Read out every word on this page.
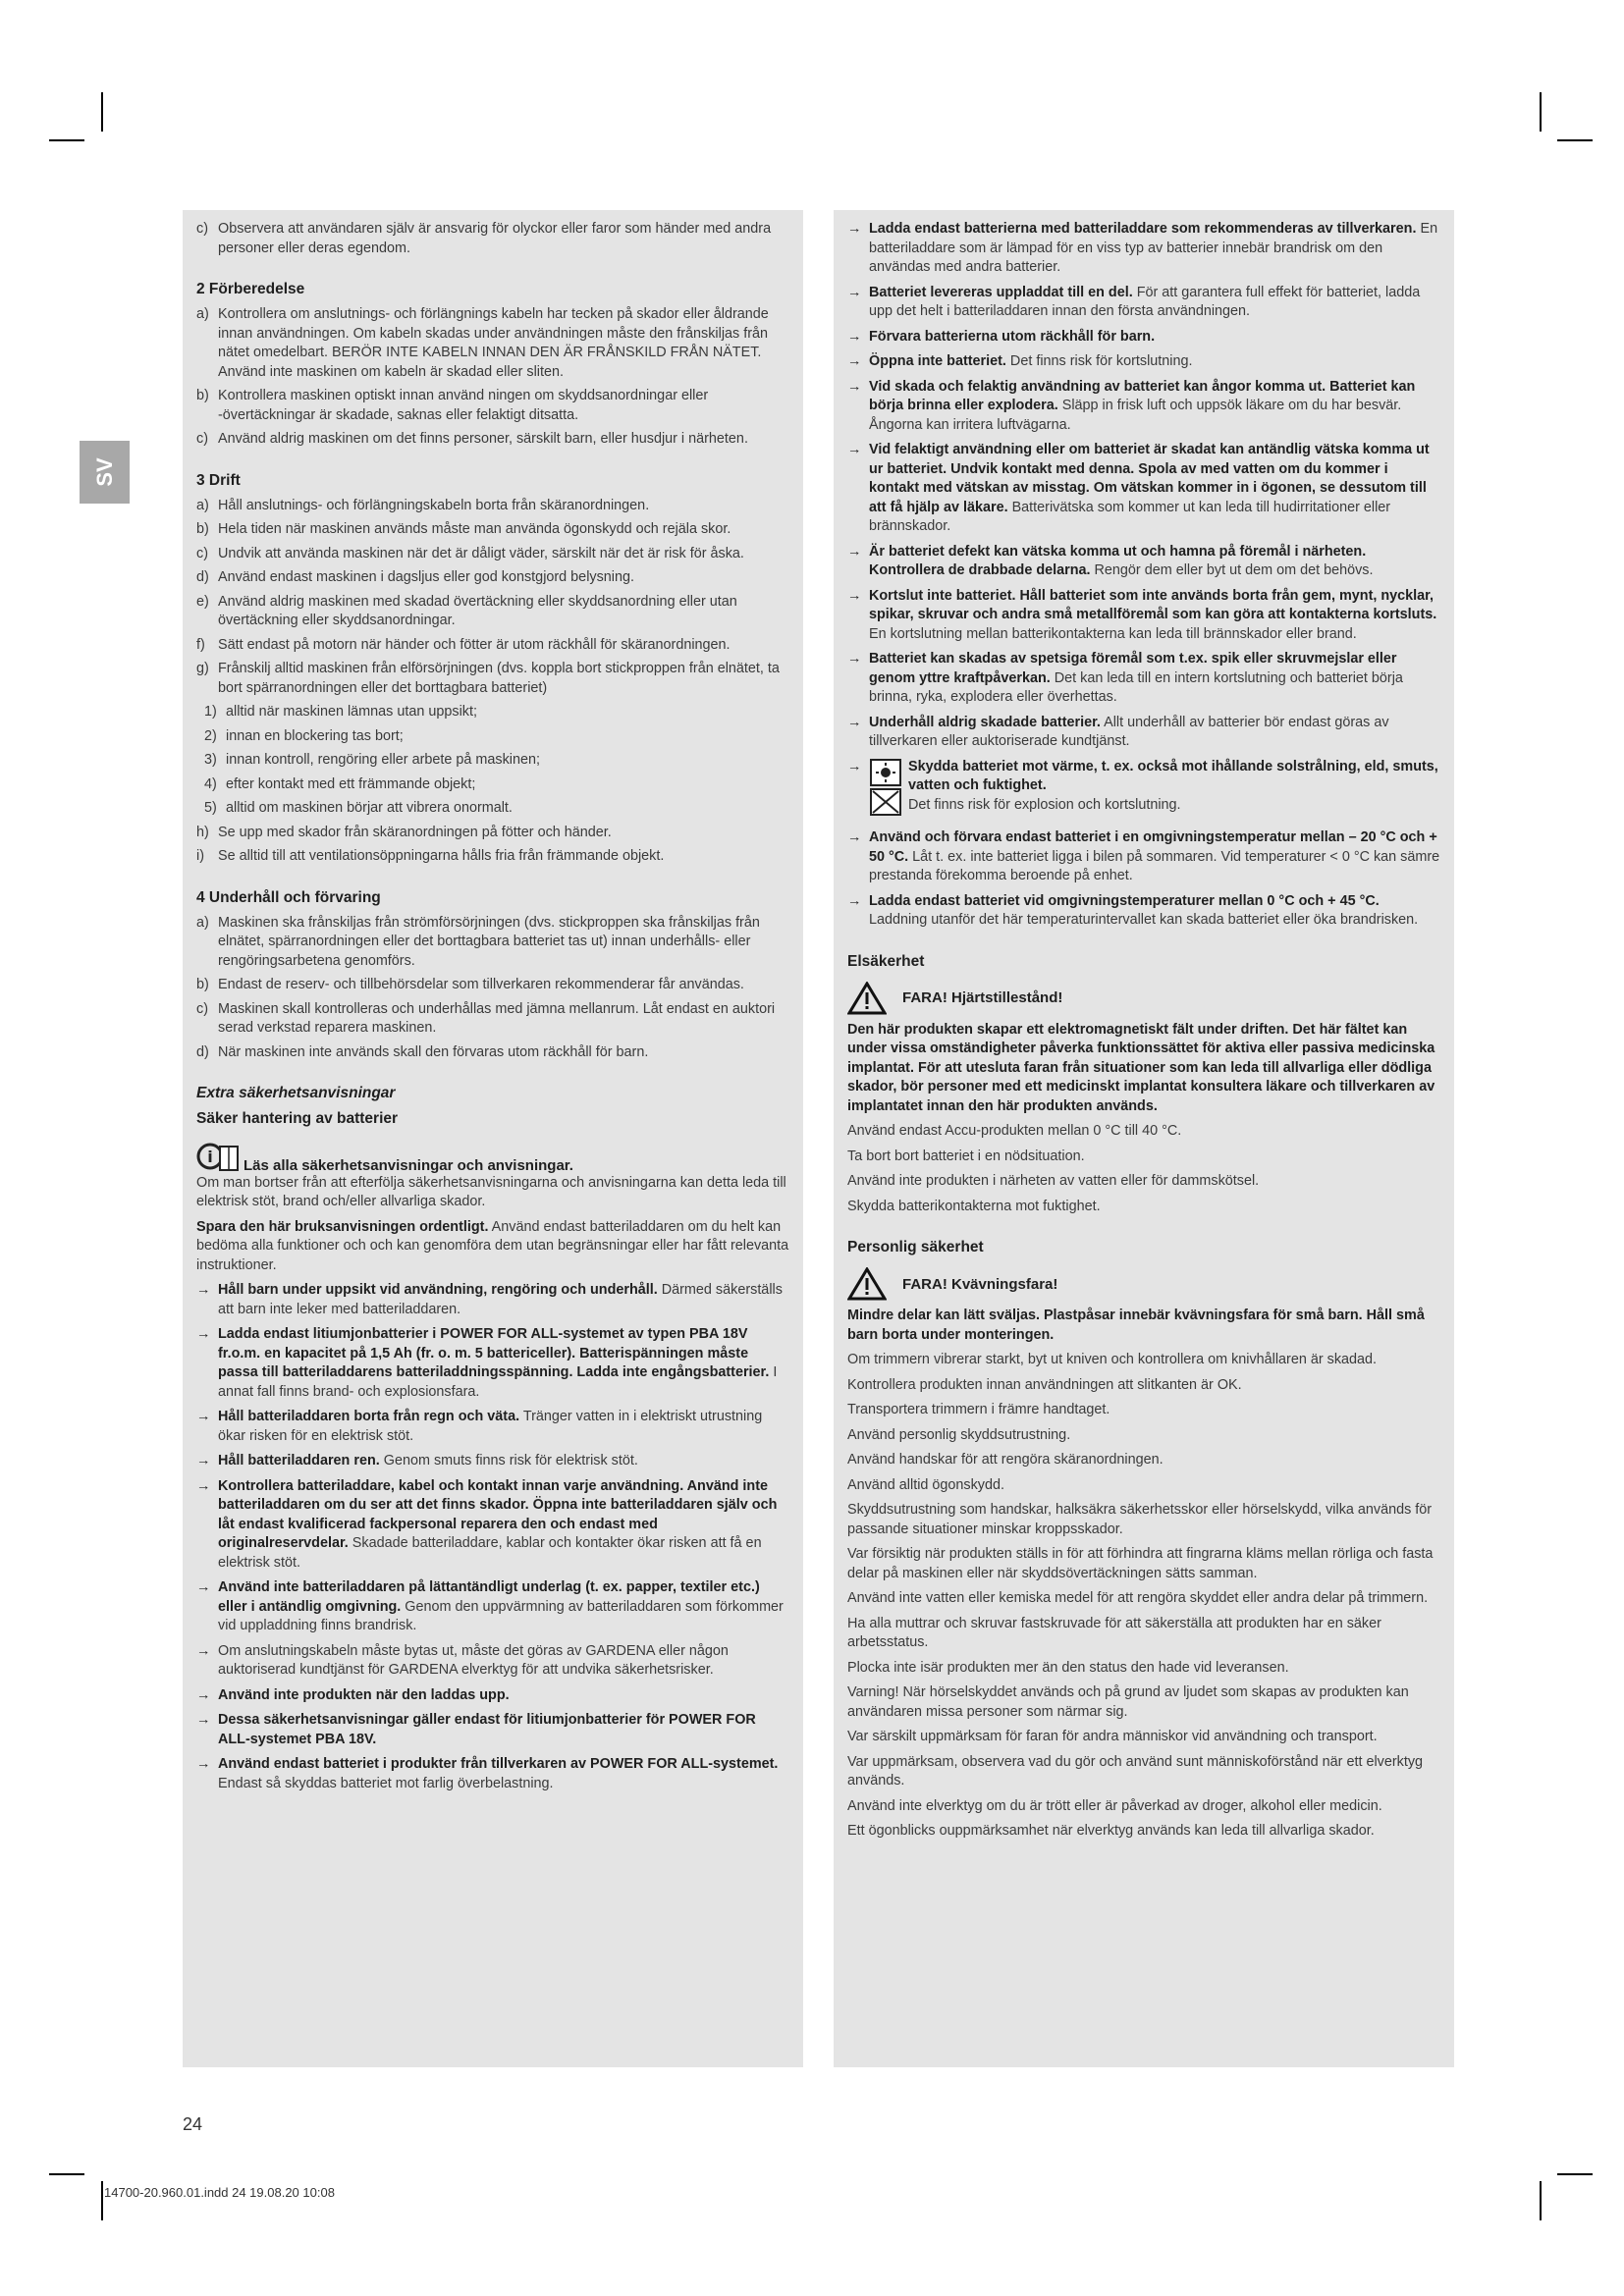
SV
c) Observera att användaren själv är ansvarig för olyckor eller faror som händer med andra personer eller deras egendom.
2 Förberedelse
a) Kontrollera om anslutnings- och förlängnings kabeln har tecken på skador eller åldrande innan användningen. Om kabeln skadas under användningen måste den frånskiljas från nätet omedelbart. BERÖR INTE KABELN INNAN DEN ÄR FRÅNSKILD FRÅN NÄTET. Använd inte maskinen om kabeln är skadad eller sliten.
b) Kontrollera maskinen optiskt innan använd ningen om skyddsanordningar eller -övertäckningar är skadade, saknas eller felaktigt ditsatta.
c) Använd aldrig maskinen om det finns personer, särskilt barn, eller husdjur i närheten.
3 Drift
a) Håll anslutnings- och förlängningskabeln borta från skäranordningen.
b) Hela tiden när maskinen används måste man använda ögonskydd och rejäla skor.
c) Undvik att använda maskinen när det är dåligt väder, särskilt när det är risk för åska.
d) Använd endast maskinen i dagsljus eller god konstgjord belysning.
e) Använd aldrig maskinen med skadad övertäckning eller skyddsanordning eller utan övertäckning eller skyddsanordningar.
f) Sätt endast på motorn när händer och fötter är utom räckhåll för skäranordningen.
g) Frånskilj alltid maskinen från elförsörjningen (dvs. koppla bort stickproppen från elnätet, ta bort spärranordningen eller det borttagbara batteriet)
1) alltid när maskinen lämnas utan uppsikt;
2) innan en blockering tas bort;
3) innan kontroll, rengöring eller arbete på maskinen;
4) efter kontakt med ett främmande objekt;
5) alltid om maskinen börjar att vibrera onormalt.
h) Se upp med skador från skäranordningen på fötter och händer.
i) Se alltid till att ventilationsöppningarna hålls fria från främmande objekt.
4 Underhåll och förvaring
a) Maskinen ska frånskiljas från strömförsörjningen (dvs. stickproppen ska frånskiljas från elnätet, spärranordningen eller det borttagbara batteriet tas ut) innan underhålls- eller rengöringsarbetena genomförs.
b) Endast de reserv- och tillbehörsdelar som tillverkaren rekommenderar får användas.
c) Maskinen skall kontrolleras och underhållas med jämna mellanrum. Låt endast en auktori serad verkstad reparera maskinen.
d) När maskinen inte används skall den förvaras utom räckhåll för barn.
Extra säkerhetsanvisningar
Säker hantering av batterier
i Läs alla säkerhetsanvisningar och anvisningar.
Om man bortser från att efterfölja säkerhetsanvisningarna och anvisningarna kan detta leda till elektrisk stöt, brand och/eller allvarliga skador.
Spara den här bruksanvisningen ordentligt. Använd endast batteriladdaren om du helt kan bedöma alla funktioner och och kan genomföra dem utan begränsningar eller har fått relevanta instruktioner.
→ Håll barn under uppsikt vid användning, rengöring och underhåll. Därmed säkerställs att barn inte leker med batteriladdaren.
→ Ladda endast litiumjonbatterier i POWER FOR ALL-systemet av typen PBA 18V fr.o.m. en kapacitet på 1,5 Ah (fr. o. m. 5 battericeller). Batterispänningen måste passa till batteriladdarens batteriladdningsspänning. Ladda inte engångsbatterier. I annat fall finns brand- och explosionsfara.
→ Håll batteriladdaren borta från regn och väta. Tränger vatten in i elektriskt utrustning ökar risken för en elektrisk stöt.
→ Håll batteriladdaren ren. Genom smuts finns risk för elektrisk stöt.
→ Kontrollera batteriladdare, kabel och kontakt innan varje användning. Använd inte batteriladdaren om du ser att det finns skador. Öppna inte batteriladdaren själv och låt endast kvalificerad fackpersonal reparera den och endast med originalreservdelar. Skadade batteriladdare, kablar och kontakter ökar risken att få en elektrisk stöt.
→ Använd inte batteriladdaren på lättantändligt underlag (t. ex. papper, textiler etc.) eller i antändlig omgivning. Genom den uppvärmning av batteriladdaren som förkommer vid uppladdning finns brandrisk.
→ Om anslutningskabeln måste bytas ut, måste det göras av GARDENA eller någon auktoriserad kundtjänst för GARDENA elverktyg för att undvika säkerhetsrisker.
→ Använd inte produkten när den laddas upp.
→ Dessa säkerhetsanvisningar gäller endast för litiumjonbatterier för POWER FOR ALL-systemet PBA 18V.
→ Använd endast batteriet i produkter från tillverkaren av POWER FOR ALL-systemet. Endast så skyddas batteriet mot farlig överbelastning.
→ Ladda endast batterierna med batteriladdare som rekommenderas av tillverkaren. En batteriladdare som är lämpad för en viss typ av batterier innebär brandrisk om den användas med andra batterier.
→ Batteriet levereras uppladdat till en del. För att garantera full effekt för batteriet, ladda upp det helt i batteriladdaren innan den första användningen.
→ Förvara batterierna utom räckhåll för barn.
→ Öppna inte batteriet. Det finns risk för kortslutning.
→ Vid skada och felaktig användning av batteriet kan ångor komma ut. Batteriet kan börja brinna eller explodera. Släpp in frisk luft och uppsök läkare om du har besvär. Ångorna kan irritera luftvägarna.
→ Vid felaktigt användning eller om batteriet är skadat kan antändlig vätska komma ut ur batteriet. Undvik kontakt med denna. Spola av med vatten om du kommer i kontakt med vätskan av misstag. Om vätskan kommer in i ögonen, se dessutom till att få hjälp av läkare. Batterivätska som kommer ut kan leda till hudirritationer eller brännskador.
→ Är batteriet defekt kan vätska komma ut och hamna på föremål i närheten. Kontrollera de drabbade delarna. Rengör dem eller byt ut dem om det behövs.
→ Kortslut inte batteriet. Håll batteriet som inte används borta från gem, mynt, nycklar, spikar, skruvar och andra små metallföremål som kan göra att kontakterna kortsluts. En kortslutning mellan batterikontakterna kan leda till brännskador eller brand.
→ Batteriet kan skadas av spetsiga föremål som t.ex. spik eller skruvmejslar eller genom yttre kraftpåverkan. Det kan leda till en intern kortslutning och batteriet börja brinna, ryka, explodera eller överhettas.
→ Underhåll aldrig skadade batterier. Allt underhåll av batterier bör endast göras av tillverkaren eller auktoriserade kundtjänst.
→	Skydda batteriet mot värme, t. ex. också mot ihållande solstrålning, eld, smuts, vatten och fuktighet.
Det finns risk för explosion och kortslutning.
→ Använd och förvara endast batteriet i en omgivningstemperatur mellan – 20 °C och + 50 °C. Låt t. ex. inte batteriet ligga i bilen på sommaren. Vid temperaturer < 0 °C kan sämre prestanda förekomma beroende på enhet.
→ Ladda endast batteriet vid omgivningstemperaturer mellan 0 °C och + 45 °C. Laddning utanför det här temperaturintervallet kan skada batteriet eller öka brandrisken.
Elsäkerhet
FARA! Hjärtstillestånd!
Den här produkten skapar ett elektromagnetiskt fält under driften. Det här fältet kan under vissa omständigheter påverka funktionssättet för aktiva eller passiva medicinska implantat. För att utesluta faran från situationer som kan leda till allvarliga eller dödliga skador, bör personer med ett medicinskt implantat konsultera läkare och tillverkaren av implantatet innan den här produkten används.
Använd endast Accu-produkten mellan 0 °C till 40 °C.
Ta bort bort batteriet i en nödsituation.
Använd inte produkten i närheten av vatten eller för dammskötsel.
Skydda batterikontakterna mot fuktighet.
Personlig säkerhet
FARA! Kvävningsfara!
Mindre delar kan lätt sväljas. Plastpåsar innebär kvävningsfara för små barn. Håll små barn borta under monteringen.
Om trimmern vibrerar starkt, byt ut kniven och kontrollera om knivhållaren är skadad.
Kontrollera produkten innan användningen att slitkanten är OK.
Transportera trimmern i främre handtaget.
Använd personlig skyddsutrustning.
Använd handskar för att rengöra skäranordningen.
Använd alltid ögonskydd.
Skyddsutrustning som handskar, halksäkra säkerhetsskor eller hörselskydd, vilka används för passande situationer minskar kroppsskador.
Var försiktig när produkten ställs in för att förhindra att fingrarna kläms mellan rörliga och fasta delar på maskinen eller när skyddsövertäckningen sätts samman.
Använd inte vatten eller kemiska medel för att rengöra skyddet eller andra delar på trimmern.
Ha alla muttrar och skruvar fastskruvade för att säkerställa att produkten har en säker arbetsstatus.
Plocka inte isär produkten mer än den status den hade vid leveransen.
Varning! När hörselskyddet används och på grund av ljudet som skapas av produkten kan användaren missa personer som närmar sig.
Var särskilt uppmärksam för faran för andra människor vid användning och transport.
Var uppmärksam, observera vad du gör och använd sunt människoförstånd när ett elverktyg används.
Använd inte elverktyg om du är trött eller är påverkad av droger, alkohol eller medicin.
Ett ögonblicks ouppmärksamhet när elverktyg används kan leda till allvarliga skador.
24
14700-20.960.01.indd 24 19.08.20 10:08
